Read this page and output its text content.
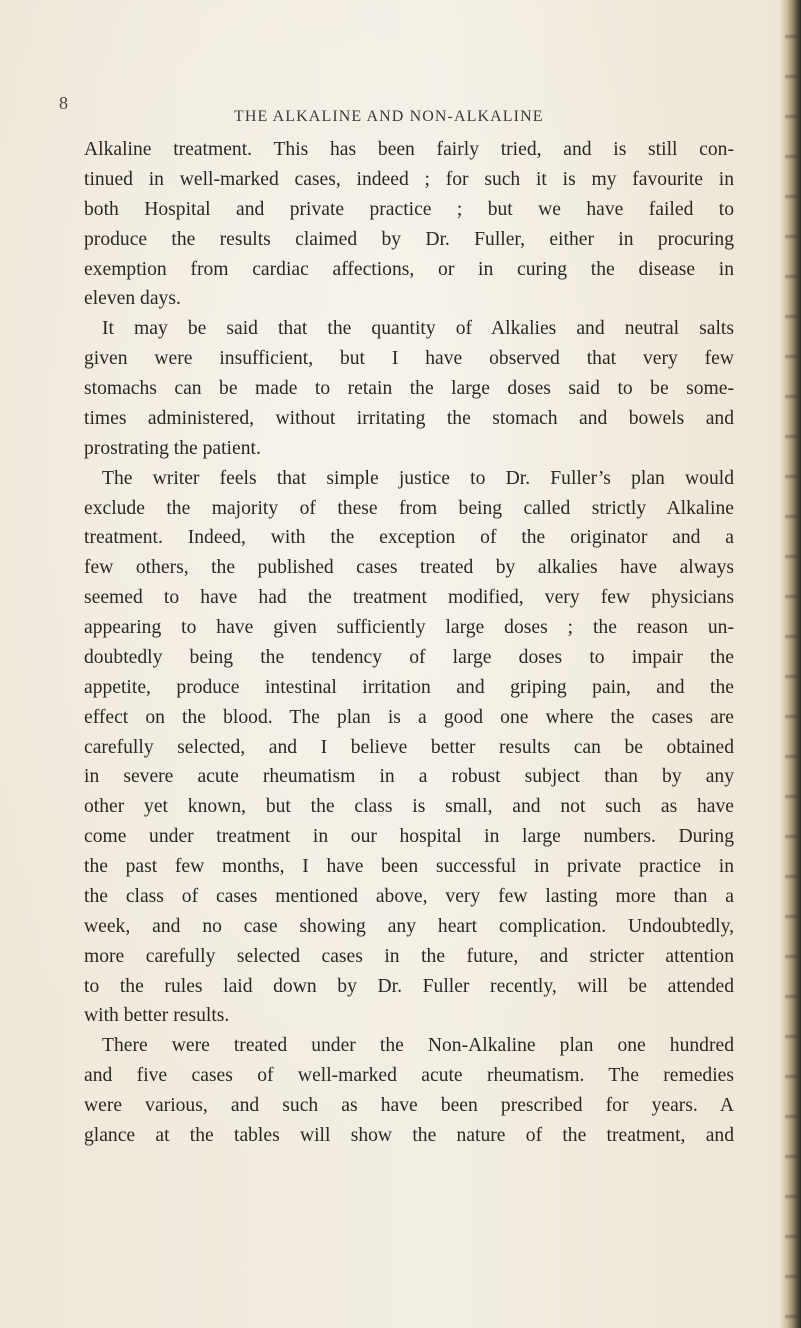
8
THE ALKALINE AND NON-ALKALINE
Alkaline treatment. This has been fairly tried, and is still con-
tinued in well-marked cases, indeed ; for such it is my favourite in
both Hospital and private practice ; but we have failed to
produce the results claimed by Dr. Fuller, either in procuring
exemption from cardiac affections, or in curing the disease in
eleven days.
It may be said that the quantity of Alkalies and neutral salts
given were insufficient, but I have observed that very few
stomachs can be made to retain the large doses said to be some-
times administered, without irritating the stomach and bowels and
prostrating the patient.
The writer feels that simple justice to Dr. Fuller’s plan would
exclude the majority of these from being called strictly Alkaline
treatment. Indeed, with the exception of the originator and a
few others, the published cases treated by alkalies have always
seemed to have had the treatment modified, very few physicians
appearing to have given sufficiently large doses ; the reason un-
doubtedly being the tendency of large doses to impair the
appetite, produce intestinal irritation and griping pain, and the
effect on the blood. The plan is a good one where the cases are
carefully selected, and I believe better results can be obtained
in severe acute rheumatism in a robust subject than by any
other yet known, but the class is small, and not such as have
come under treatment in our hospital in large numbers. During
the past few months, I have been successful in private practice in
the class of cases mentioned above, very few lasting more than a
week, and no case showing any heart complication. Undoubtedly,
more carefully selected cases in the future, and stricter attention
to the rules laid down by Dr. Fuller recently, will be attended
with better results.
There were treated under the Non-Alkaline plan one hundred
and five cases of well-marked acute rheumatism. The remedies
were various, and such as have been prescribed for years. A
glance at the tables will show the nature of the treatment, and
